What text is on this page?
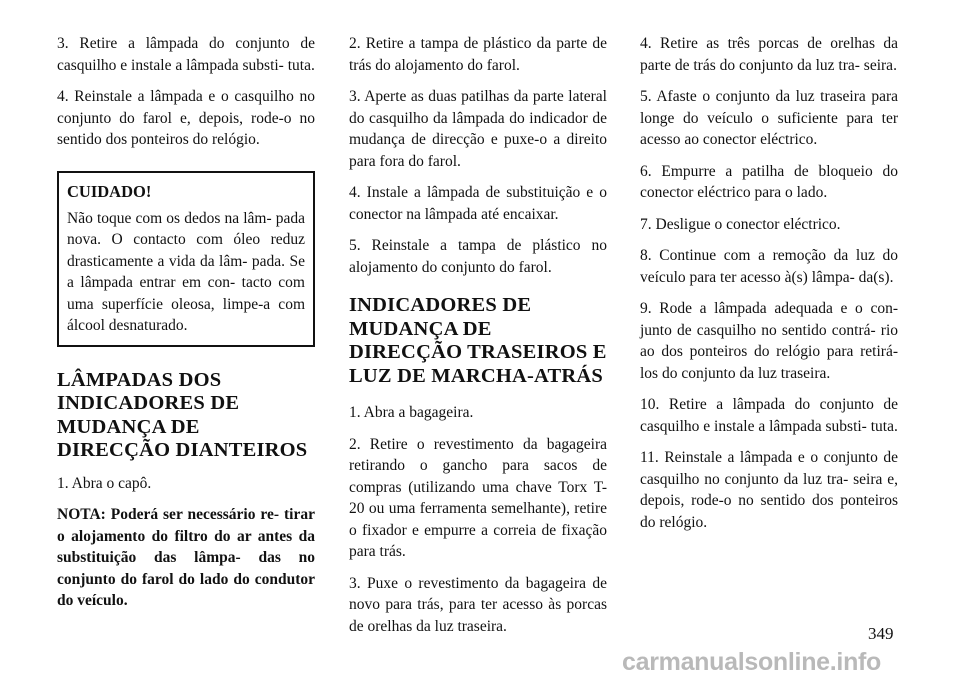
3. Retire a lâmpada do conjunto de casquilho e instale a lâmpada substi- tuta.

4. Reinstale a lâmpada e o casquilho no conjunto do farol e, depois, rode-o no sentido dos ponteiros do relógio.

CUIDADO!

Não toque com os dedos na lâm- pada nova. O contacto com óleo reduz drasticamente a vida da lâm- pada. Se a lâmpada entrar em con- tacto com uma superfície oleosa, limpe-a com álcool desnaturado.

LÂMPADAS DOS INDICADORES DE MUDANÇA DE DIRECÇÃO DIANTEIROS

1. Abra o capô.

NOTA: Poderá ser necessário re- tirar o alojamento do filtro do ar antes da substituição das lâmpa- das no conjunto do farol do lado do condutor do veículo.

2. Retire a tampa de plástico da parte de trás do alojamento do farol.

3. Aperte as duas patilhas da parte lateral do casquilho da lâmpada do indicador de mudança de direcção e puxe-o a direito para fora do farol.

4. Instale a lâmpada de substituição e o conector na lâmpada até encaixar.

5. Reinstale a tampa de plástico no alojamento do conjunto do farol.

INDICADORES DE MUDANÇA DE DIRECÇÃO TRASEIROS E LUZ DE MARCHA-ATRÁS

1. Abra a bagageira.

2. Retire o revestimento da bagageira retirando o gancho para sacos de compras (utilizando uma chave Torx T-20 ou uma ferramenta semelhante), retire o fixador e empurre a correia de fixação para trás.

3. Puxe o revestimento da bagageira de novo para trás, para ter acesso às porcas de orelhas da luz traseira.

4. Retire as três porcas de orelhas da parte de trás do conjunto da luz tra- seira.

5. Afaste o conjunto da luz traseira para longe do veículo o suficiente para ter acesso ao conector eléctrico.

6. Empurre a patilha de bloqueio do conector eléctrico para o lado.

7. Desligue o conector eléctrico.

8. Continue com a remoção da luz do veículo para ter acesso à(s) lâmpa- da(s).

9. Rode a lâmpada adequada e o con- junto de casquilho no sentido contrá- rio ao dos ponteiros do relógio para retirá-los do conjunto da luz traseira.

10. Retire a lâmpada do conjunto de casquilho e instale a lâmpada substi- tuta.

11. Reinstale a lâmpada e o conjunto de casquilho no conjunto da luz tra- seira e, depois, rode-o no sentido dos ponteiros do relógio.

349
carmanualsonline.info
